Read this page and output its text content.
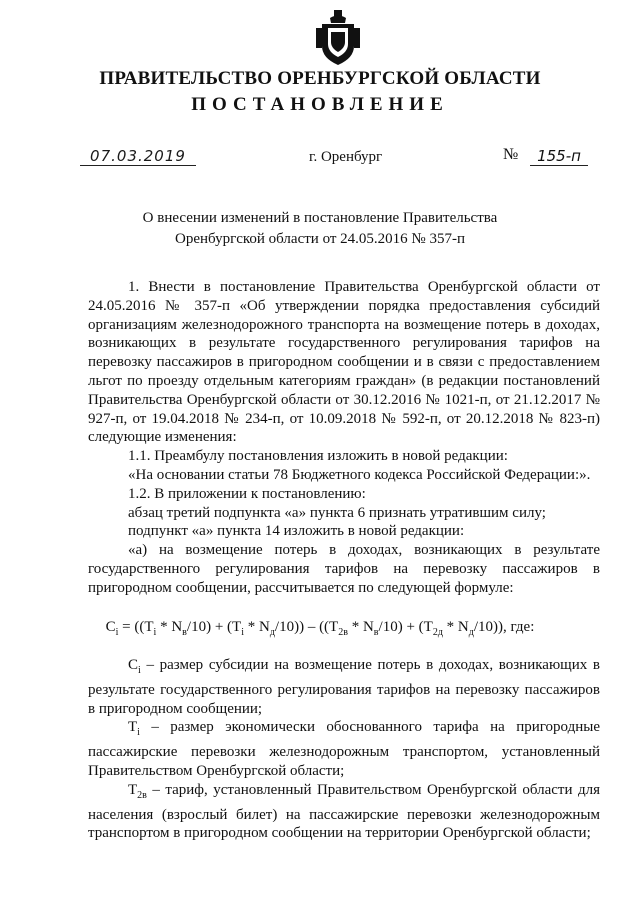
ПРАВИТЕЛЬСТВО ОРЕНБУРГСКОЙ ОБЛАСТИ
ПОСТАНОВЛЕНИЕ
07.03.2019	г. Оренбург	№	155-п
О внесении изменений в постановление Правительства
Оренбургской области от 24.05.2016 № 357-п

1. Внести в постановление Правительства Оренбургской области от 24.05.2016 № 357-п «Об утверждении порядка предоставления субсидий организациям железнодорожного транспорта на возмещение потерь в доходах, возникающих в результате государственного регулирования тарифов на перевозку пассажиров в пригородном сообщении и в связи с предоставлением льгот по проезду отдельным категориям граждан» (в редакции постановлений Правительства Оренбургской области от 30.12.2016 № 1021-п, от 21.12.2017 № 927-п, от 19.04.2018 № 234-п, от 10.09.2018 № 592-п, от 20.12.2018 № 823-п) следующие изменения:

1.1. Преамбулу постановления изложить в новой редакции:

«На основании статьи 78 Бюджетного кодекса Российской Федерации:».

1.2. В приложении к постановлению:

абзац третий подпункта «а» пункта 6 признать утратившим силу;

подпункт «а» пункта 14 изложить в новой редакции:

«а) на возмещение потерь в доходах, возникающих в результате государственного регулирования тарифов на перевозку пассажиров в пригородном сообщении, рассчитывается по следующей формуле:

$C_i = ((T_i * N_в/10) + (T_i * N_д/10)) - ((T_{2в} * N_в/10) + (T_{2д} * N_д/10))$, где:

$C_i$ – размер субсидии на возмещение потерь в доходах, возникающих в результате государственного регулирования тарифов на перевозку пассажиров в пригородном сообщении;

$T_i$ – размер экономически обоснованного тарифа на пригородные пассажирские перевозки железнодорожным транспортом, установленный Правительством Оренбургской области;

$T_{2в}$ – тариф, установленный Правительством Оренбургской области для населения (взрослый билет) на пассажирские перевозки железнодорожным транспортом в пригородном сообщении на территории Оренбургской области;
